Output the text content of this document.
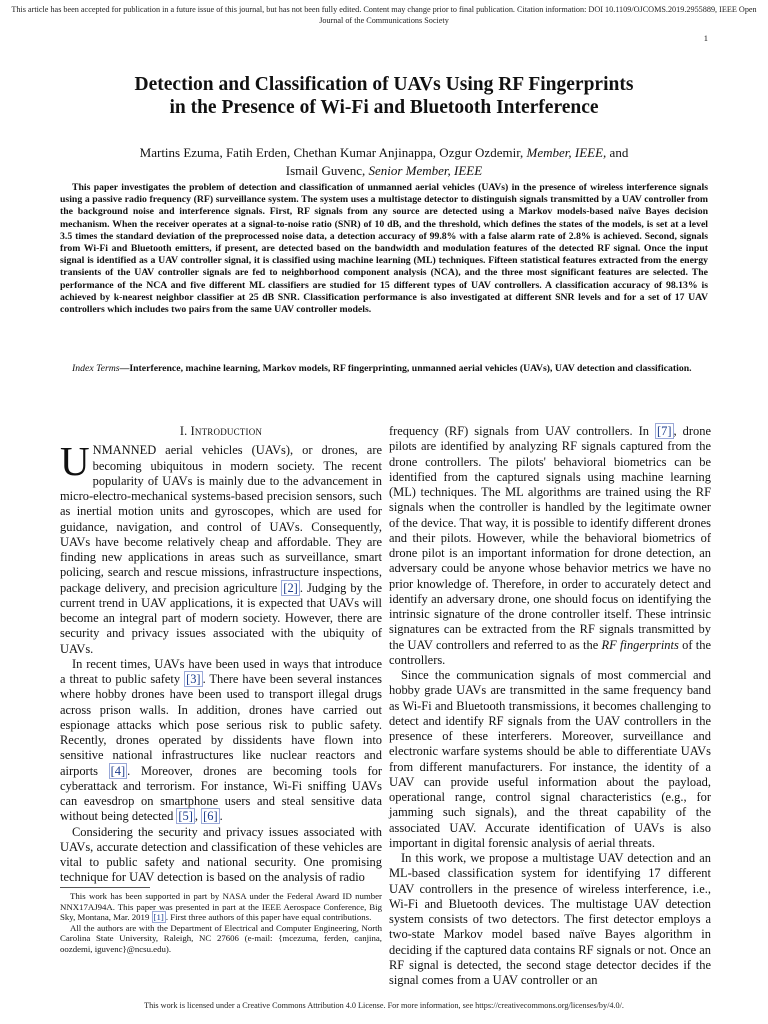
This article has been accepted for publication in a future issue of this journal, but has not been fully edited. Content may change prior to final publication. Citation information: DOI 10.1109/OJCOMS.2019.2955889, IEEE Open
Journal of the Communications Society
1
Detection and Classification of UAVs Using RF Fingerprints
in the Presence of Wi-Fi and Bluetooth Interference
Martins Ezuma, Fatih Erden, Chethan Kumar Anjinappa, Ozgur Ozdemir, Member, IEEE, and
Ismail Guvenc, Senior Member, IEEE
This paper investigates the problem of detection and classification of unmanned aerial vehicles (UAVs) in the presence of wireless interference signals using a passive radio frequency (RF) surveillance system. The system uses a multistage detector to distinguish signals transmitted by a UAV controller from the background noise and interference signals. First, RF signals from any source are detected using a Markov models-based naïve Bayes decision mechanism. When the receiver operates at a signal-to-noise ratio (SNR) of 10 dB, and the threshold, which defines the states of the models, is set at a level 3.5 times the standard deviation of the preprocessed noise data, a detection accuracy of 99.8% with a false alarm rate of 2.8% is achieved. Second, signals from Wi-Fi and Bluetooth emitters, if present, are detected based on the bandwidth and modulation features of the detected RF signal. Once the input signal is identified as a UAV controller signal, it is classified using machine learning (ML) techniques. Fifteen statistical features extracted from the energy transients of the UAV controller signals are fed to neighborhood component analysis (NCA), and the three most significant features are selected. The performance of the NCA and five different ML classifiers are studied for 15 different types of UAV controllers. A classification accuracy of 98.13% is achieved by k-nearest neighbor classifier at 25 dB SNR. Classification performance is also investigated at different SNR levels and for a set of 17 UAV controllers which includes two pairs from the same UAV controller models.
Index Terms—Interference, machine learning, Markov models, RF fingerprinting, unmanned aerial vehicles (UAVs), UAV detection and classification.
I. Introduction

UNMANNED aerial vehicles (UAVs), or drones, are becoming ubiquitous in modern society. The recent popularity of UAVs is mainly due to the advancement in micro-electro-mechanical systems-based precision sensors, such as inertial motion units and gyroscopes, which are used for guidance, navigation, and control of UAVs. Consequently, UAVs have become relatively cheap and affordable. They are finding new applications in areas such as surveillance, smart policing, search and rescue missions, infrastructure inspections, package delivery, and precision agriculture [2] . Judging by the current trend in UAV applications, it is expected that UAVs will become an integral part of modern society. However, there are security and privacy issues associated with the ubiquity of UAVs.

In recent times, UAVs have been used in ways that introduce a threat to public safety [3] . There have been several instances where hobby drones have been used to transport illegal drugs across prison walls. In addition, drones have carried out espionage attacks which pose serious risk to public safety. Recently, drones operated by dissidents have flown into sensitive national infrastructures like nuclear reactors and airports [4] . Moreover, drones are becoming tools for cyberattack and terrorism. For instance, Wi-Fi sniffing UAVs can eavesdrop on smartphone users and steal sensitive data without being detected [5] , [6] .

Considering the security and privacy issues associated with UAVs, accurate detection and classification of these vehicles are vital to public safety and national security. One promising technique for UAV detection is based on the analysis of radio

frequency (RF) signals from UAV controllers. In [7] , drone pilots are identified by analyzing RF signals captured from the drone controllers. The pilots' behavioral biometrics can be identified from the captured signals using machine learning (ML) techniques. The ML algorithms are trained using the RF signals when the controller is handled by the legitimate owner of the device. That way, it is possible to identify different drones and their pilots. However, while the behavioral biometrics of drone pilot is an important information for drone detection, an adversary could be anyone whose behavior metrics we have no prior knowledge of. Therefore, in order to accurately detect and identify an adversary drone, one should focus on identifying the intrinsic signature of the drone controller itself. These intrinsic signatures can be extracted from the RF signals transmitted by the UAV controllers and referred to as the RF fingerprints of the controllers.

Since the communication signals of most commercial and hobby grade UAVs are transmitted in the same frequency band as Wi-Fi and Bluetooth transmissions, it becomes challenging to detect and identify RF signals from the UAV controllers in the presence of these interferers. Moreover, surveillance and electronic warfare systems should be able to differentiate UAVs from different manufacturers. For instance, the identity of a UAV can provide useful information about the payload, operational range, control signal characteristics (e.g., for jamming such signals), and the threat capability of the associated UAV. Accurate identification of UAVs is also important in digital forensic analysis of aerial threats.

In this work, we propose a multistage UAV detection and an ML-based classification system for identifying 17 different UAV controllers in the presence of wireless interference, i.e., Wi-Fi and Bluetooth devices. The multistage UAV detection system consists of two detectors. The first detector employs a two-state Markov model based naïve Bayes algorithm in deciding if the captured data contains RF signals or not. Once an RF signal is detected, the second stage detector decides if the signal comes from a UAV controller or an

This work has been supported in part by NASA under the Federal Award ID number NNX17AJ94A. This paper was presented in part at the IEEE Aerospace Conference, Big Sky, Montana, Mar. 2019 [1] . First three authors of this paper have equal contributions.

All the authors are with the Department of Electrical and Computer Engineering, North Carolina State University, Raleigh, NC 27606 (e-mail: {mcezuma, ferden, canjina, oozdemi, iguvenc}@ncsu.edu).

This work is licensed under a Creative Commons Attribution 4.0 License. For more information, see https://creativecommons.org/licenses/by/4.0/.
